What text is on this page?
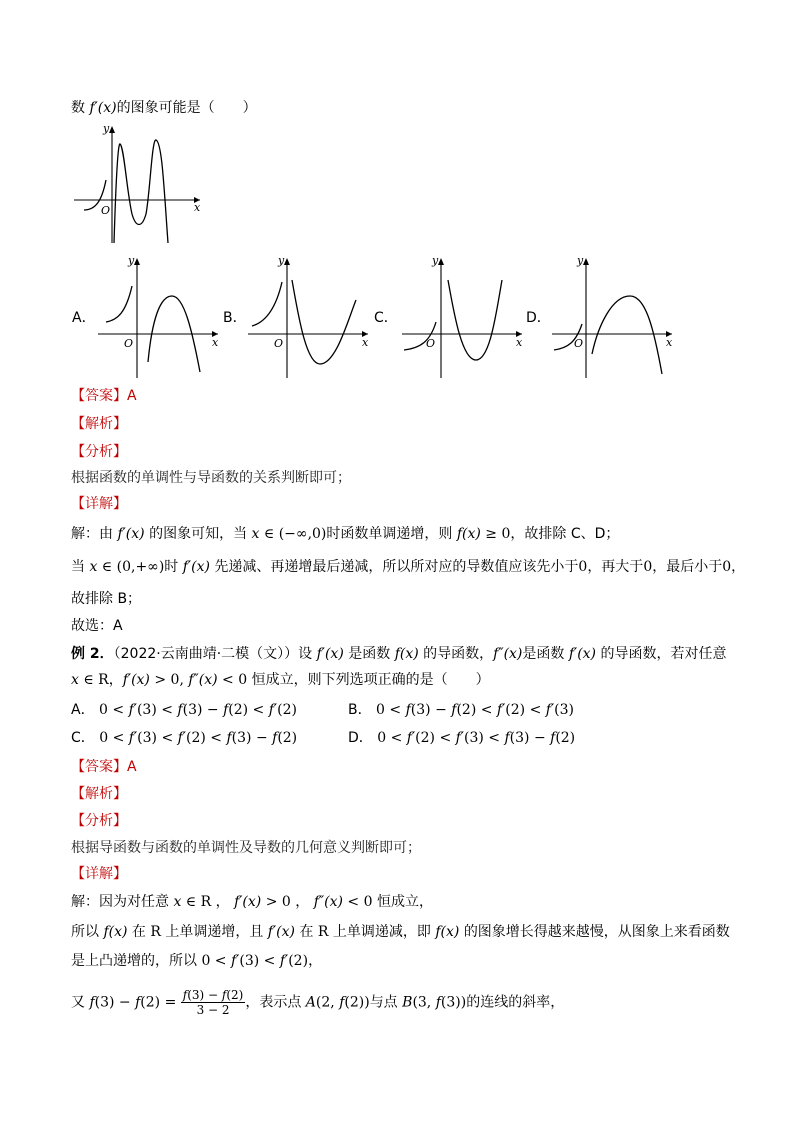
数 f′(x)的图象可能是（　　）
y
x
O
A．
y
x
O
B．
y
x
O
C．
y
x
O
D．
y
x
O
【答案】A
【解析】
【分析】
根据函数的单调性与导函数的关系判断即可；
【详解】
解：由 f′(x) 的图象可知，当 x ∈ (−∞,0)时函数单调递增，则 f(x) ≥ 0，故排除 C、D；
当 x ∈ (0,+∞)时 f′(x) 先递减、再递增最后递减，所以所对应的导数值应该先小于0，再大于0，最后小于0，
故排除 B；
故选：A
例 2．（2022·云南曲靖·二模（文））设 f′(x) 是函数 f(x) 的导函数，f″(x)是函数 f′(x) 的导函数，若对任意
x ∈ R，f′(x) > 0, f″(x) < 0 恒成立，则下列选项正确的是（　　）
A． 0 < f′(3) < f(3) − f(2) < f′(2)	B． 0 < f(3) − f(2) < f′(2) < f′(3)
C． 0 < f′(3) < f′(2) < f(3) − f(2)	D． 0 < f′(2) < f′(3) < f(3) − f(2)
【答案】A
【解析】
【分析】
根据导函数与函数的单调性及导数的几何意义判断即可；
【详解】
解：因为对任意 x ∈ R ， f′(x) > 0 ， f″(x) < 0 恒成立，
所以 f(x) 在 R 上单调递增，且 f′(x) 在 R 上单调递减，即 f(x) 的图象增长得越来越慢，从图象上来看函数
是上凸递增的，所以 0 < f′(3) < f′(2)，
又 $f(3) - f(2) = \frac{f(3) - f(2)}{3 - 2}$ ，表示点 A(2, f(2))与点 B(3, f(3))的连线的斜率，
